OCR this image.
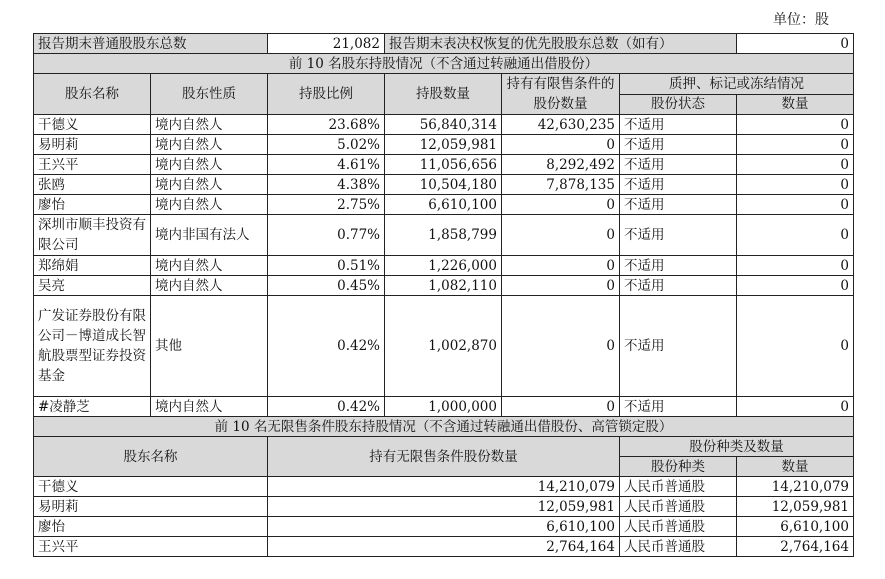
单位：股
报告期末普通股股东总数		21,082	报告期末表决权恢复的优先股股东总数（如有）			0
前 10 名股东持股情况（不含通过转融通出借股份）						
股东名称	股东性质	持股比例	持股数量	持有有限售条件的股份数量	质押、标记或冻结情况	
					股份状态	数量
干德义	境内自然人	23.68%	56,840,314	42,630,235	不适用	0
易明莉	境内自然人	5.02%	12,059,981	0	不适用	0
王兴平	境内自然人	4.61%	11,056,656	8,292,492	不适用	0
张鸥	境内自然人	4.38%	10,504,180	7,878,135	不适用	0
廖怡	境内自然人	2.75%	6,610,100	0	不适用	0
深圳市顺丰投资有限公司	境内非国有法人	0.77%	1,858,799	0	不适用	0
郑绵娟	境内自然人	0.51%	1,226,000	0	不适用	0
吴亮	境内自然人	0.45%	1,082,110	0	不适用	0
广发证券股份有限公司－博道成长智航股票型证券投资基金	其他	0.42%	1,002,870	0	不适用	0
#凌静芝	境内自然人	0.42%	1,000,000	0	不适用	0
前 10 名无限售条件股东持股情况（不含通过转融通出借股份、高管锁定股）						
股东名称		持有无限售条件股份数量			股份种类及数量	
					股份种类	数量
干德义		14,210,079			人民币普通股	14,210,079
易明莉		12,059,981			人民币普通股	12,059,981
廖怡		6,610,100			人民币普通股	6,610,100
王兴平		2,764,164			人民币普通股	2,764,164
